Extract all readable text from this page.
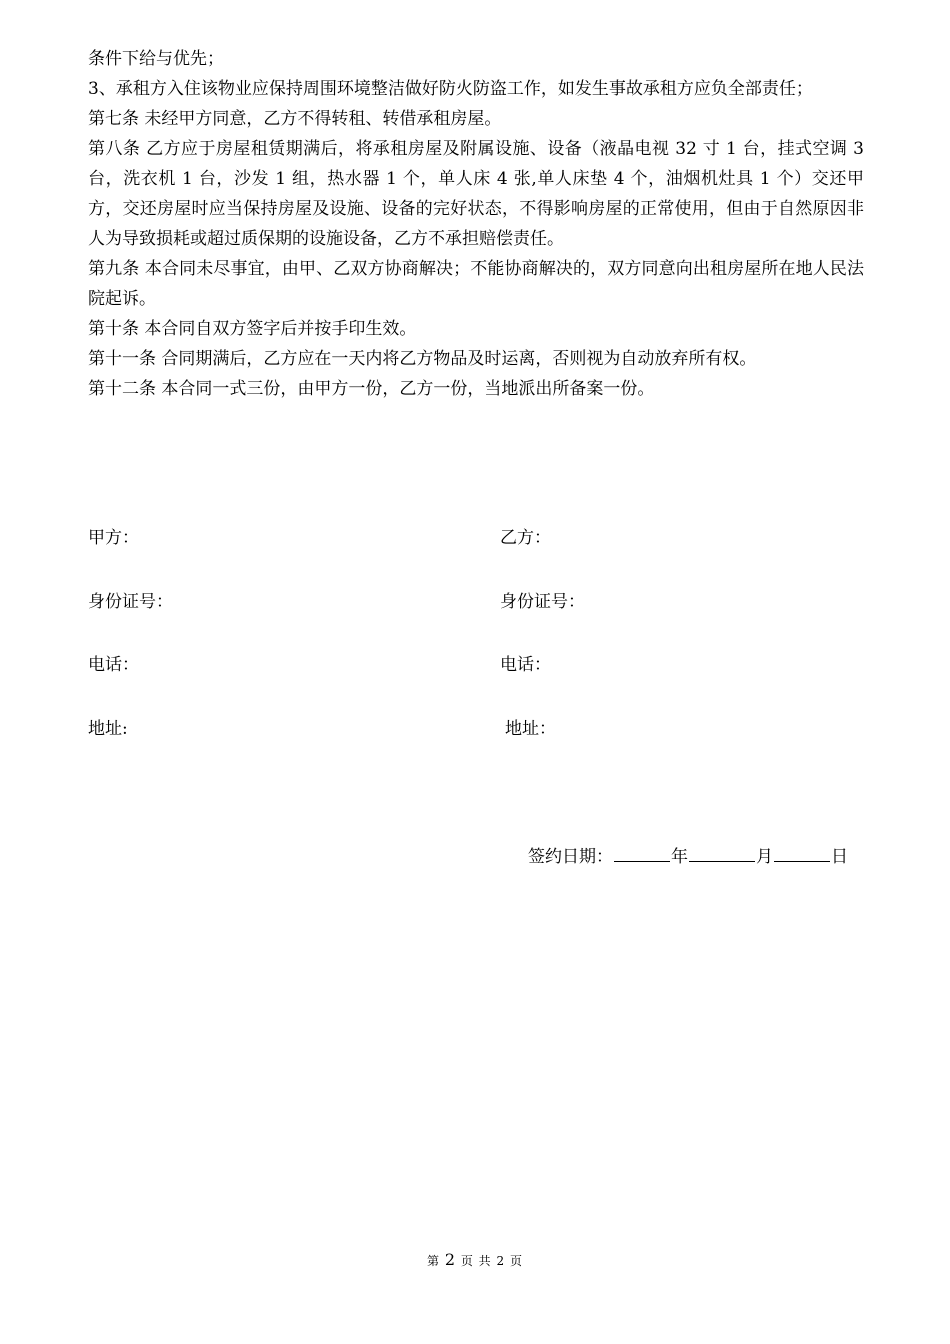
条件下给与优先；

3、承租方入住该物业应保持周围环境整洁做好防火防盗工作，如发生事故承租方应负全部责任；

第七条 未经甲方同意，乙方不得转租、转借承租房屋。

第八条 乙方应于房屋租赁期满后，将承租房屋及附属设施、设备（液晶电视 32 寸 1 台，挂式空调 3 台，洗衣机 1 台，沙发 1 组，热水器 1 个，单人床 4 张,单人床垫 4 个，油烟机灶具 1 个）交还甲方，交还房屋时应当保持房屋及设施、设备的完好状态，不得影响房屋的正常使用，但由于自然原因非人为导致损耗或超过质保期的设施设备，乙方不承担赔偿责任。

第九条 本合同未尽事宜，由甲、乙双方协商解决；不能协商解决的，双方同意向出租房屋所在地人民法院起诉。

第十条 本合同自双方签字后并按手印生效。

第十一条 合同期满后，乙方应在一天内将乙方物品及时运离，否则视为自动放弃所有权。

第十二条 本合同一式三份，由甲方一份，乙方一份，当地派出所备案一份。

甲方：	乙方：
身份证号：	身份证号：
电话：	电话：
地址:	地址：
签约日期：	年	月	日
第 2 页 共 2 页
